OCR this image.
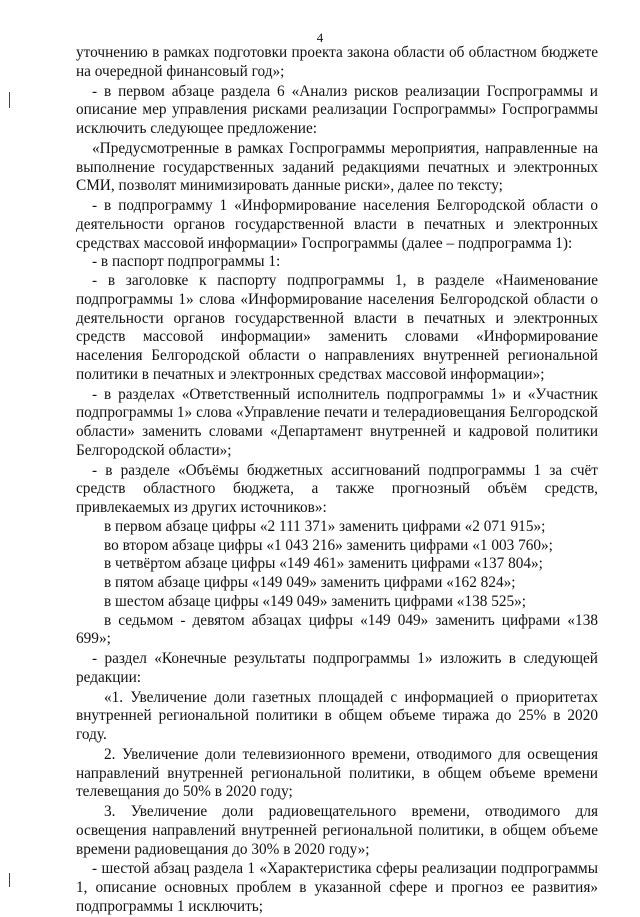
4

уточнению в рамках подготовки проекта закона области об областном бюджете на очередной финансовый год»;

- в первом абзаце раздела 6 «Анализ рисков реализации Госпрограммы и описание мер управления рисками реализации Госпрограммы» Госпрограммы исключить следующее предложение:

«Предусмотренные в рамках Госпрограммы мероприятия, направленные на выполнение государственных заданий редакциями печатных и электронных СМИ, позволят минимизировать данные риски», далее по тексту;

- в подпрограмму 1 «Информирование населения Белгородской области о деятельности органов государственной власти в печатных и электронных средствах массовой информации» Госпрограммы (далее – подпрограмма 1):

- в паспорт подпрограммы 1:

- в заголовке к паспорту подпрограммы 1, в разделе «Наименование подпрограммы 1» слова «Информирование населения Белгородской области о деятельности органов государственной власти в печатных и электронных средств массовой информации» заменить словами «Информирование населения Белгородской области о направлениях внутренней региональной политики в печатных и электронных средствах массовой информации»;

- в разделах «Ответственный исполнитель подпрограммы 1» и «Участник подпрограммы 1» слова «Управление печати и телерадиовещания Белгородской области» заменить словами «Департамент внутренней и кадровой политики Белгородской области»;

- в разделе «Объёмы бюджетных ассигнований подпрограммы 1 за счёт средств областного бюджета, а также прогнозный объём средств, привлекаемых из других источников»:

в первом абзаце цифры «2 111 371» заменить цифрами «2 071 915»;

во втором абзаце цифры «1 043 216» заменить цифрами «1 003 760»;

в четвёртом абзаце цифры «149 461» заменить цифрами «137 804»;

в пятом абзаце цифры «149 049» заменить цифрами «162 824»;

в шестом абзаце цифры «149 049» заменить цифрами «138 525»;

в седьмом - девятом абзацах цифры «149 049» заменить цифрами «138 699»;

- раздел «Конечные результаты подпрограммы 1» изложить в следующей редакции:

«1. Увеличение доли газетных площадей с информацией о приоритетах внутренней региональной политики в общем объеме тиража до 25% в 2020 году.

2. Увеличение доли телевизионного времени, отводимого для освещения направлений внутренней региональной политики, в общем объеме времени телевещания до 50% в 2020 году;

3. Увеличение доли радиовещательного времени, отводимого для освещения направлений внутренней региональной политики, в общем объеме времени радиовещания до 30% в 2020 году»;

- шестой абзац раздела 1 «Характеристика сферы реализации подпрограммы 1, описание основных проблем в указанной сфере и прогноз ее развития» подпрограммы 1 исключить;
